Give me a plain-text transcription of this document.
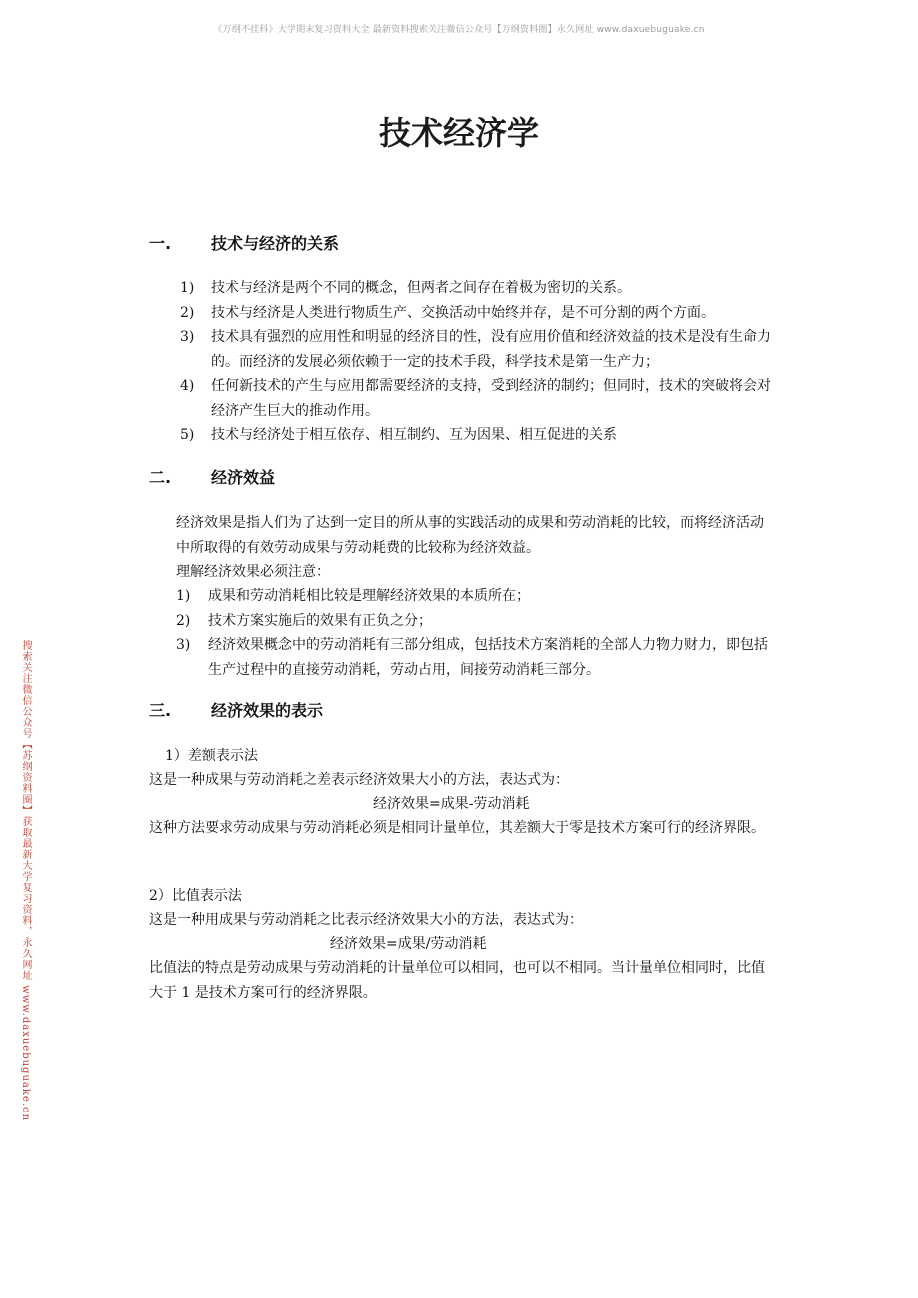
《万纲不挂科》大学期末复习资料大全 最新资料搜索关注微信公众号【万纲资料圈】永久网址 www.daxuebuguake.cn
搜索关注微信公众号【苏纲资料圈】获取最新大学复习资料，永久网址 www.daxuebuguake.cn
技术经济学
一. 技术与经济的关系
1)	技术与经济是两个不同的概念，但两者之间存在着极为密切的关系。
2)	技术与经济是人类进行物质生产、交换活动中始终并存，是不可分割的两个方面。
3)	技术具有强烈的应用性和明显的经济目的性，没有应用价值和经济效益的技术是没有生命力的。而经济的发展必须依赖于一定的技术手段，科学技术是第一生产力；
4)	任何新技术的产生与应用都需要经济的支持，受到经济的制约；但同时，技术的突破将会对经济产生巨大的推动作用。
5)	技术与经济处于相互依存、相互制约、互为因果、相互促进的关系
二. 经济效益

经济效果是指人们为了达到一定目的所从事的实践活动的成果和劳动消耗的比较，而将经济活动中所取得的有效劳动成果与劳动耗费的比较称为经济效益。

理解经济效果必须注意：

1)	成果和劳动消耗相比较是理解经济效果的本质所在；
2)	技术方案实施后的效果有正负之分；
3)	经济效果概念中的劳动消耗有三部分组成，包括技术方案消耗的全部人力物力财力，即包括生产过程中的直接劳动消耗，劳动占用，间接劳动消耗三部分。
三. 经济效果的表示

1）差额表示法

这是一种成果与劳动消耗之差表示经济效果大小的方法，表达式为：

经济效果=成果-劳动消耗

这种方法要求劳动成果与劳动消耗必须是相同计量单位，其差额大于零是技术方案可行的经济界限。

2）比值表示法

这是一种用成果与劳动消耗之比表示经济效果大小的方法，表达式为：

经济效果=成果/劳动消耗

比值法的特点是劳动成果与劳动消耗的计量单位可以相同，也可以不相同。当计量单位相同时，比值大于 1 是技术方案可行的经济界限。
